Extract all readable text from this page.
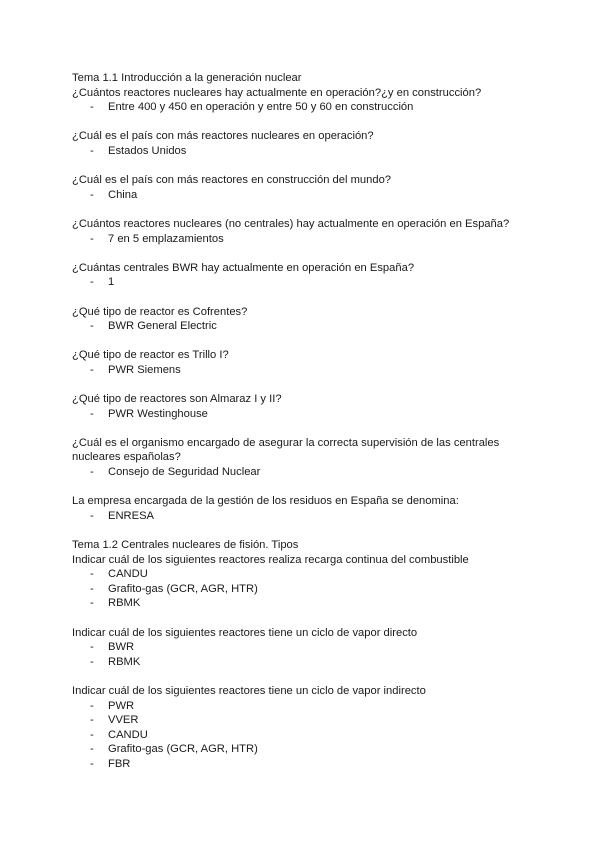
Tema 1.1 Introducción a la generación nuclear
¿Cuántos reactores nucleares hay actualmente en operación?¿y en construcción?
- Entre 400 y 450 en operación y entre 50 y 60 en construcción
¿Cuál es el país con más reactores nucleares en operación?
- Estados Unidos
¿Cuál es el país con más reactores en construcción del mundo?
- China
¿Cuántos reactores nucleares (no centrales) hay actualmente en operación en España?
- 7 en 5 emplazamientos
¿Cuántas centrales BWR hay actualmente en operación en España?
- 1
¿Qué tipo de reactor es Cofrentes?
- BWR General Electric
¿Qué tipo de reactor es Trillo I?
- PWR Siemens
¿Qué tipo de reactores son Almaraz I y II?
- PWR Westinghouse
¿Cuál es el organismo encargado de asegurar la correcta supervisión de las centrales nucleares españolas?
- Consejo de Seguridad Nuclear
La empresa encargada de la gestión de los residuos en España se denomina:
- ENRESA
Tema 1.2 Centrales nucleares de fisión. Tipos
Indicar cuál de los siguientes reactores realiza recarga continua del combustible
- CANDU
- Grafito-gas (GCR, AGR, HTR)
- RBMK
Indicar cuál de los siguientes reactores tiene un ciclo de vapor directo
- BWR
- RBMK
Indicar cuál de los siguientes reactores tiene un ciclo de vapor indirecto
- PWR
- VVER
- CANDU
- Grafito-gas (GCR, AGR, HTR)
- FBR
